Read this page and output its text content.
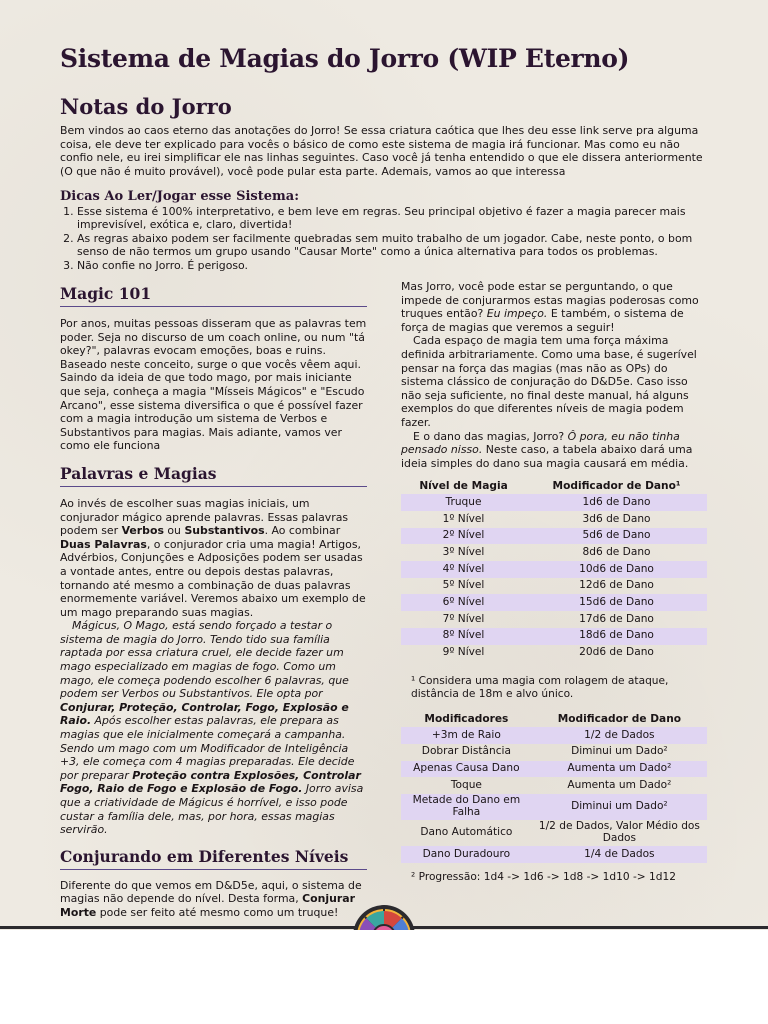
Sistema de Magias do Jorro (WIP Eterno)
Notas do Jorro

Bem vindos ao caos eterno das anotações do Jorro! Se essa criatura caótica que lhes deu esse link serve pra alguma coisa, ele deve ter explicado para vocês o básico de como este sistema de magia irá funcionar. Mas como eu não confio nele, eu irei simplificar ele nas linhas seguintes. Caso você já tenha entendido o que ele dissera anteriormente (O que não é muito provável), você pode pular esta parte. Ademais, vamos ao que interessa

Dicas Ao Ler/Jogar esse Sistema:
1. Esse sistema é 100% interpretativo, e bem leve em regras. Seu principal objetivo é fazer a magia parecer mais imprevisível, exótica e, claro, divertida!
2. As regras abaixo podem ser facilmente quebradas sem muito trabalho de um jogador. Cabe, neste ponto, o bom senso de não termos um grupo usando "Causar Morte" como a única alternativa para todos os problemas.
3. Não confie no Jorro. É perigoso.
Magic 101

Por anos, muitas pessoas disseram que as palavras tem poder. Seja no discurso de um coach online, ou num "tá okey?", palavras evocam emoções, boas e ruins. Baseado neste conceito, surge o que vocês vêem aqui. Saindo da ideia de que todo mago, por mais iniciante que seja, conheça a magia "Mísseis Mágicos" e "Escudo Arcano", esse sistema diversifica o que é possível fazer com a magia introdução um sistema de Verbos e Substantivos para magias. Mais adiante, vamos ver como ele funciona

Palavras e Magias

Ao invés de escolher suas magias iniciais, um conjurador mágico aprende palavras. Essas palavras podem ser Verbos ou Substantivos. Ao combinar Duas Palavras, o conjurador cria uma magia! Artigos, Advérbios, Conjunções e Adposições podem ser usadas a vontade antes, entre ou depois destas palavras, tornando até mesmo a combinação de duas palavras enormemente variável. Veremos abaixo um exemplo de um mago preparando suas magias.

Mágicus, O Mago, está sendo forçado a testar o sistema de magia do Jorro. Tendo tido sua família raptada por essa criatura cruel, ele decide fazer um mago especializado em magias de fogo. Como um mago, ele começa podendo escolher 6 palavras, que podem ser Verbos ou Substantivos. Ele opta por Conjurar, Proteção, Controlar, Fogo, Explosão e Raio. Após escolher estas palavras, ele prepara as magias que ele inicialmente começará a campanha. Sendo um mago com um Modificador de Inteligência +3, ele começa com 4 magias preparadas. Ele decide por preparar Proteção contra Explosões, Controlar Fogo, Raio de Fogo e Explosão de Fogo. Jorro avisa que a criatividade de Mágicus é horrível, e isso pode custar a família dele, mas, por hora, essas magias servirão.

Conjurando em Diferentes Níveis

Diferente do que vemos em D&D5e, aqui, o sistema de magias não depende do nível. Desta forma, Conjurar Morte pode ser feito até mesmo como um truque!

Mas Jorro, você pode estar se perguntando, o que impede de conjurarmos estas magias poderosas como truques então? Eu impeço. E também, o sistema de força de magias que veremos a seguir!

Cada espaço de magia tem uma força máxima definida arbitrariamente. Como uma base, é sugerível pensar na força das magias (mas não as OPs) do sistema clássico de conjuração do D&D5e. Caso isso não seja suficiente, no final deste manual, há alguns exemplos do que diferentes níveis de magia podem fazer.

E o dano das magias, Jorro? Ô pora, eu não tinha pensado nisso. Neste caso, a tabela abaixo dará uma ideia simples do dano sua magia causará em média.

Nível de Magia	Modificador de Dano¹
Truque	1d6 de Dano
1º Nível	3d6 de Dano
2º Nível	5d6 de Dano
3º Nível	8d6 de Dano
4º Nível	10d6 de Dano
5º Nível	12d6 de Dano
6º Nível	15d6 de Dano
7º Nível	17d6 de Dano
8º Nível	18d6 de Dano
9º Nível	20d6 de Dano

¹ Considera uma magia com rolagem de ataque, distância de 18m e alvo único.

Modificadores	Modificador de Dano
+3m de Raio	1/2 de Dados
Dobrar Distância	Diminui um Dado²
Apenas Causa Dano	Aumenta um Dado²
Toque	Aumenta um Dado²
Metade do Dano em Falha	Diminui um Dado²
Dano Automático	1/2 de Dados, Valor Médio dos Dados
Dano Duradouro	1/4 de Dados

² Progressão: 1d4 -> 1d6 -> 1d8 -> 1d10 -> 1d12
